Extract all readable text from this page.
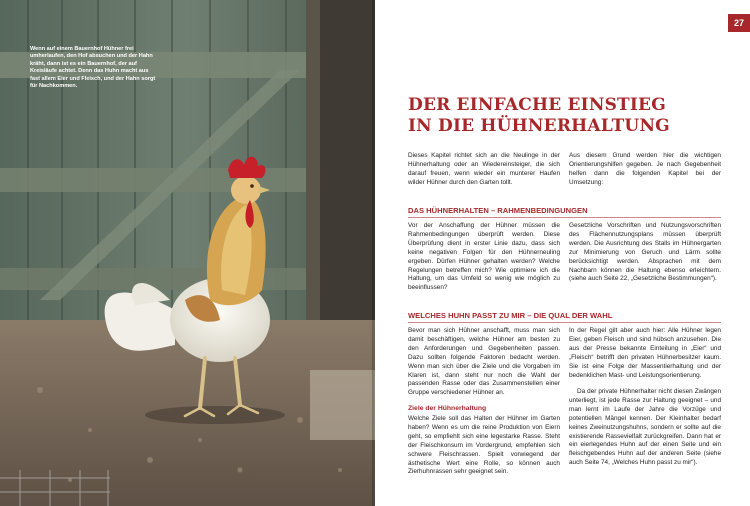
Wenn auf einem Bauernhof Hühner frei umherlaufen, den Hof absuchen und der Hahn kräht, dann ist es ein Bauernhof, der auf Kreisläufe achtet. Denn das Huhn macht aus fast allem Eier und Fleisch, und der Hahn sorgt für Nachkommen.

27
DER EINFACHE EINSTIEG
IN DIE HÜHNERHALTUNG

Dieses Kapitel richtet sich an die Neulinge in der Hühnerhaltung oder an Wiedereinsteiger, die sich darauf freuen, wenn wieder ein munterer Haufen wilder Hühner durch den Garten tollt.

Aus diesem Grund werden hier die wichtigen Orientierungshilfen gegeben. Je nach Gegebenheit helfen dann die folgenden Kapitel bei der Umsetzung:

DAS HÜHNERHALTEN – RAHMENBEDINGUNGEN

Vor der Anschaffung der Hühner müssen die Rahmenbedingungen überprüft werden. Diese Überprüfung dient in erster Linie dazu, dass sich keine negativen Folgen für den Hühnerneuling ergeben. Dürfen Hühner gehalten werden? Welche Regelungen betreffen mich? Wie optimiere ich die Haltung, um das Umfeld so wenig wie möglich zu beeinflussen?

Gesetzliche Vorschriften und Nutzungsvorschriften des Flächennutzungsplans müssen überprüft werden. Die Ausrichtung des Stalls im Hühnergarten zur Minimierung von Geruch und Lärm sollte berücksichtigt werden. Absprachen mit dem Nachbarn können die Haltung ebenso erleichtern. (siehe auch Seite 22, „Gesetzliche Bestimmungen“).

WELCHES HUHN PASST ZU MIR – DIE QUAL DER WAHL

Bevor man sich Hühner anschafft, muss man sich damit beschäftigen, welche Hühner am besten zu den Anforderungen und Gegebenheiten passen. Dazu sollten folgende Faktoren bedacht werden. Wenn man sich über die Ziele und die Vorgaben im Klaren ist, dann steht nur noch die Wahl der passenden Rasse oder das Zusammenstellen einer Gruppe verschiedener Hühner an.

Ziele der Hühnerhaltung

Welche Ziele soll das Halten der Hühner im Garten haben? Wenn es um die reine Produktion von Eiern geht, so empfiehlt sich eine legestarke Rasse. Steht der Fleischkonsum im Vordergrund, empfehlen sich schwere Fleischrassen. Spielt vorwiegend der ästhetische Wert eine Rolle, so können auch Zierhuhnrassen sehr geeignet sein.

In der Regel gilt aber auch hier: Alle Hühner legen Eier, geben Fleisch und sind hübsch anzusehen. Die aus der Presse bekannte Einteilung in „Eier“ und „Fleisch“ betrifft den privaten Hühnerbesitzer kaum. Sie ist eine Folge der Massentierhaltung und der bedenklichen Mast- und Leistungsorientierung.

Da der private Hühnerhalter nicht diesen Zwängen unterliegt, ist jede Rasse zur Haltung geeignet – und man lernt im Laufe der Jahre die Vorzüge und potentiellen Mängel kennen. Der Kleinhalter bedarf keines Zweinutzungshuhns, sondern er sollte auf die existierende Rassevielfalt zurückgreifen. Dann hat er ein eierlegendes Huhn auf der einen Seite und ein fleischgebendes Huhn auf der anderen Seite (siehe auch Seite 74, „Welches Huhn passt zu mir“).
